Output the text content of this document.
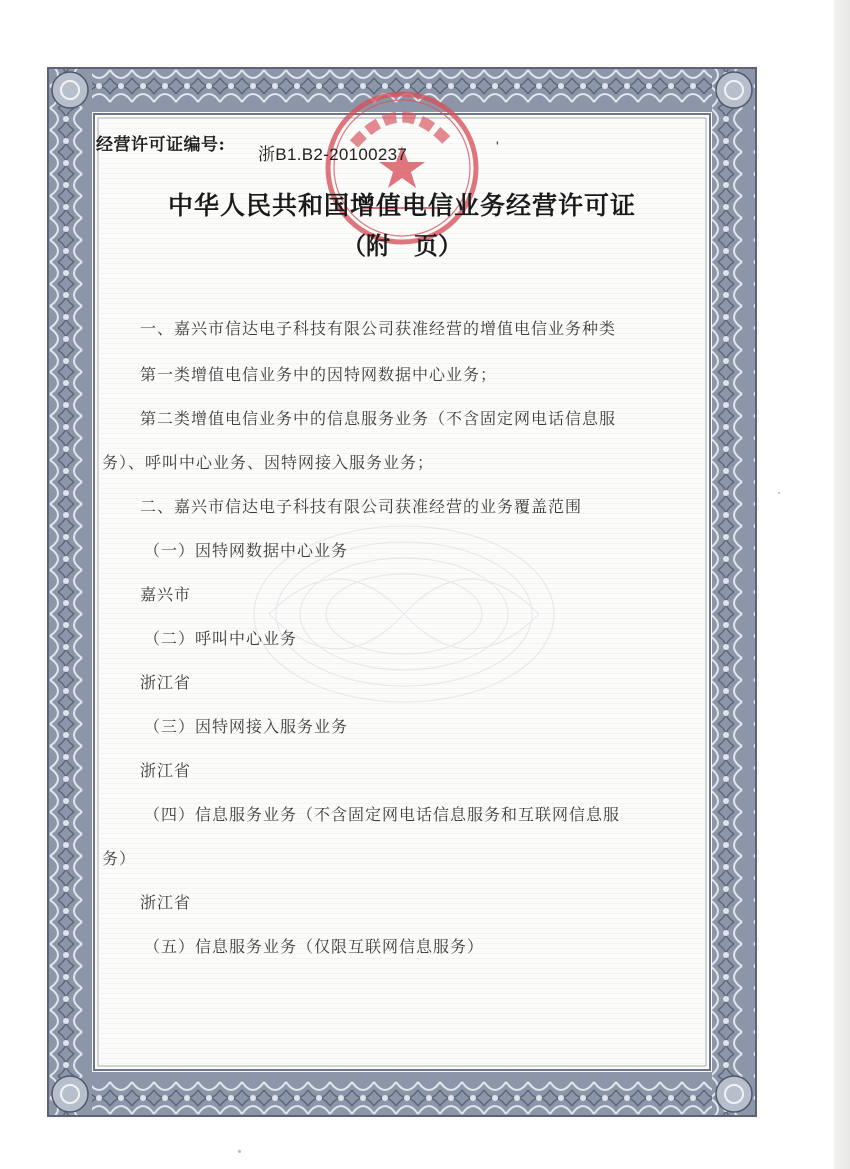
经营许可证编号: 浙B1.B2-20100237	'
中华人民共和国增值电信业务经营许可证
（附　页）
一、嘉兴市信达电子科技有限公司获准经营的增值电信业务种类
第一类增值电信业务中的因特网数据中心业务；
第二类增值电信业务中的信息服务业务（不含固定网电话信息服
务）、呼叫中心业务、因特网接入服务业务；
二、嘉兴市信达电子科技有限公司获准经营的业务覆盖范围
（一）因特网数据中心业务
嘉兴市
（二）呼叫中心业务
浙江省
（三）因特网接入服务业务
浙江省
（四）信息服务业务（不含固定网电话信息服务和互联网信息服
务）
浙江省
（五）信息服务业务（仅限互联网信息服务）
